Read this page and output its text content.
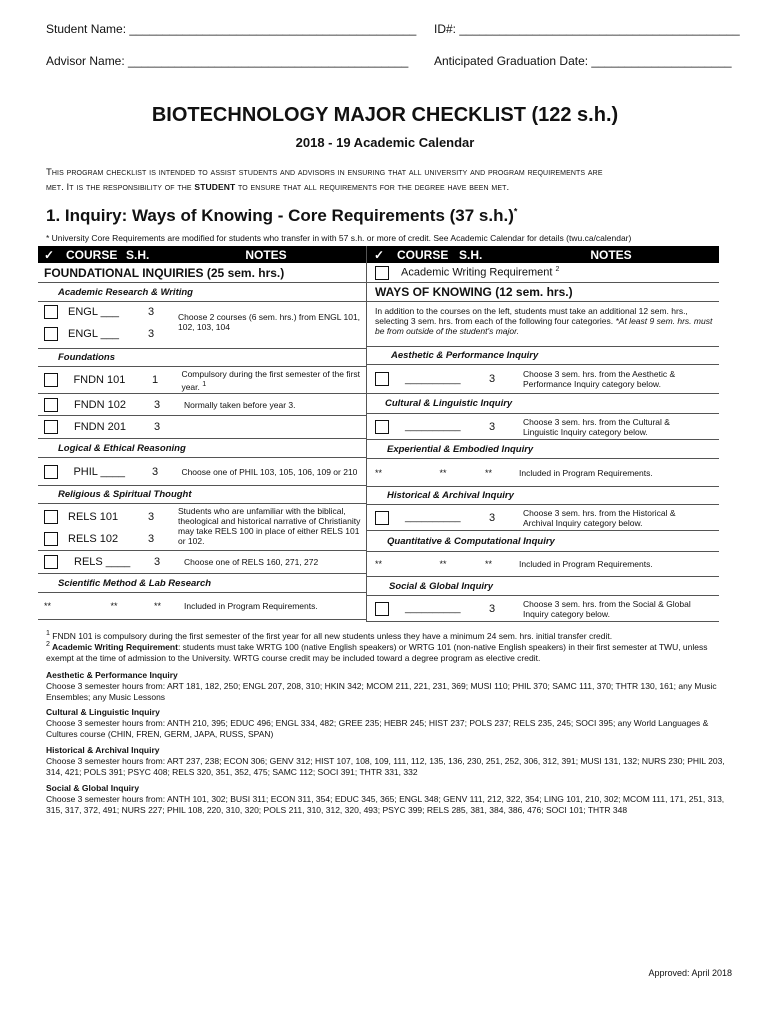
Student Name: ___________________________________________ ID#: __________________________________________
Advisor Name: __________________________________________ Anticipated Graduation Date: _____________________
BIOTECHNOLOGY MAJOR CHECKLIST (122 s.h.)
2018 - 19 Academic Calendar
This program checklist is intended to assist students and advisors in ensuring that all university and program requirements are
met. It is the responsibility of the STUDENT to ensure that all requirements for the degree have been met.
1. Inquiry: Ways of Knowing - Core Requirements (37 s.h.)*
* University Core Requirements are modified for students who transfer in with 57 s.h. or more of credit. See Academic Calendar for details (twu.ca/calendar)
✓ COURSE S.H.	NOTES
FOUNDATIONAL INQUIRIES (25 sem. hrs.)
Academic Research & Writing
ENGL ___	3
ENGL ___	3
Choose 2 courses (6 sem. hrs.) from ENGL 101, 102, 103, 104
Foundations
FNDN 101	1
Compulsory during the first semester of the first year. $^1$
FNDN 102	3	Normally taken before year 3.
FNDN 201	3
Logical & Ethical Reasoning
PHIL ____	3	Choose one of PHIL 103, 105, 106, 109 or 210
Religious & Spiritual Thought
RELS 101	3
RELS 102	3
Students who are unfamiliar with the biblical, theological and historical narrative of Christianity may take RELS 100 in place of either RELS 101 or 102.
RELS ____	3	Choose one of RELS 160, 271, 272
Scientific Method & Lab Research
**	**	**	Included in Program Requirements.
✓	COURSE S.H.	NOTES
Academic Writing Requirement $^2$
WAYS OF KNOWING (12 sem. hrs.)
In addition to the courses on the left, students must take an additional 12 sem. hrs., selecting 3 sem. hrs. from each of the following four categories. *At least 9 sem. hrs. must be from outside of the student's major.
Aesthetic & Performance Inquiry
__________	3	Choose 3 sem. hrs. from the Aesthetic & Performance Inquiry category below.
Cultural & Linguistic Inquiry
__________	3	Choose 3 sem. hrs. from the Cultural & Linguistic Inquiry category below.
Experiential & Embodied Inquiry
**	**	**	Included in Program Requirements.
Historical & Archival Inquiry
__________	3	Choose 3 sem. hrs. from the Historical & Archival Inquiry category below.
Quantitative & Computational Inquiry
**	**	**	Included in Program Requirements.
Social & Global Inquiry
__________	3	Choose 3 sem. hrs. from the Social & Global Inquiry category below.
$^1$ FNDN 101 is compulsory during the first semester of the first year for all new students unless they have a minimum 24 sem. hrs. initial transfer credit.
$^2$ Academic Writing Requirement: students must take WRTG 100 (native English speakers) or WRTG 101 (non-native English speakers) in their first semester at TWU, unless exempt at the time of admission to the University. WRTG course credit may be included toward a degree program as elective credit.
Aesthetic & Performance Inquiry
Choose 3 semester hours from: ART 181, 182, 250; ENGL 207, 208, 310; HKIN 342; MCOM 211, 221, 231, 369; MUSI 110; PHIL 370; SAMC 111, 370; THTR 130, 161; any Music Ensembles; any Music Lessons
Cultural & Linguistic Inquiry
Choose 3 semester hours from: ANTH 210, 395; EDUC 496; ENGL 334, 482; GREE 235; HEBR 245; HIST 237; POLS 237; RELS 235, 245; SOCI 395; any World Languages & Cultures course (CHIN, FREN, GERM, JAPA, RUSS, SPAN)
Historical & Archival Inquiry
Choose 3 semester hours from: ART 237, 238; ECON 306; GENV 312; HIST 107, 108, 109, 111, 112, 135, 136, 230, 251, 252, 306, 312, 391; MUSI 131, 132; NURS 230; PHIL 203, 314, 421; POLS 391; PSYC 408; RELS 320, 351, 352, 475; SAMC 112; SOCI 391; THTR 331, 332
Social & Global Inquiry
Choose 3 semester hours from: ANTH 101, 302; BUSI 311; ECON 311, 354; EDUC 345, 365; ENGL 348; GENV 111, 212, 322, 354; LING 101, 210, 302; MCOM 111, 171, 251, 313, 315, 317, 372, 491; NURS 227; PHIL 108, 220, 310, 320; POLS 211, 310, 312, 320, 493; PSYC 399; RELS 285, 381, 384, 386, 476; SOCI 101; THTR 348
Approved: April 2018
